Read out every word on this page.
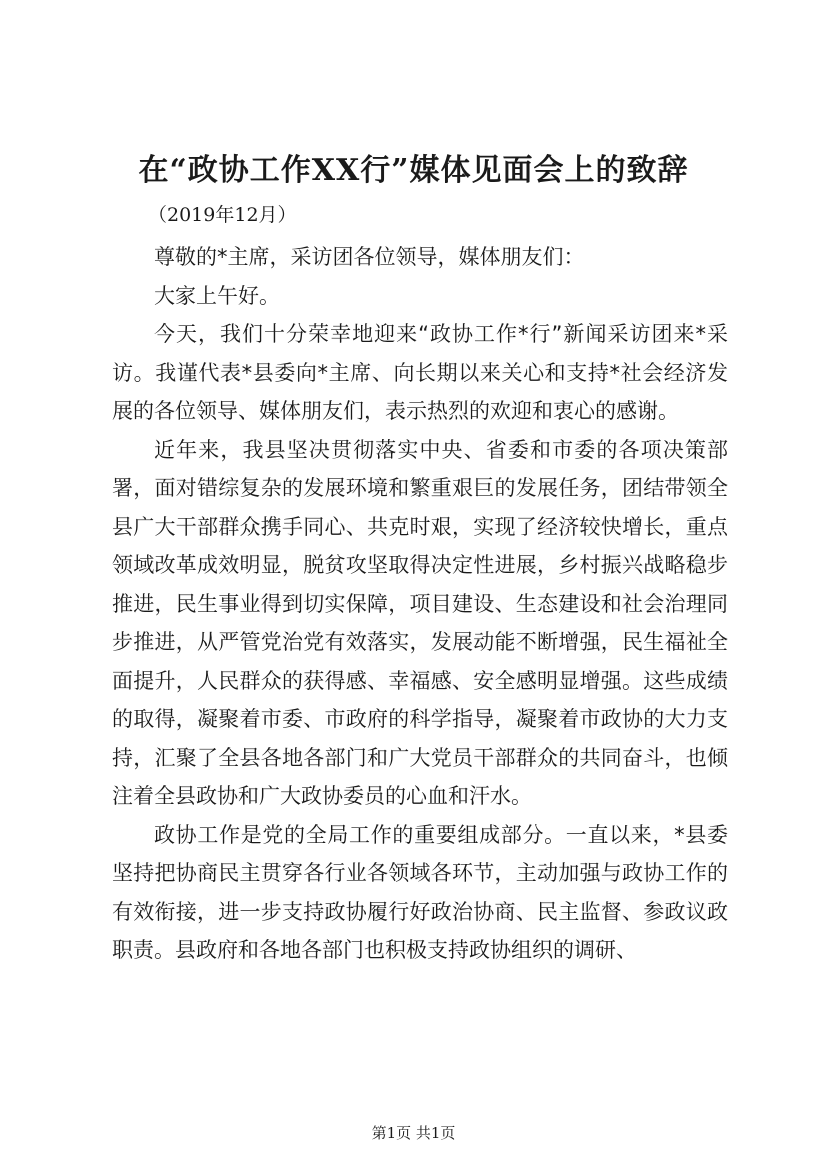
在“政协工作XX行”媒体见面会上的致辞
（2019年12月）

尊敬的*主席，采访团各位领导，媒体朋友们：

大家上午好。

今天，我们十分荣幸地迎来“政协工作*行”新闻采访团来*采访。我谨代表*县委向*主席、向长期以来关心和支持*社会经济发展的各位领导、媒体朋友们，表示热烈的欢迎和衷心的感谢。

近年来，我县坚决贯彻落实中央、省委和市委的各项决策部署，面对错综复杂的发展环境和繁重艰巨的发展任务，团结带领全县广大干部群众携手同心、共克时艰，实现了经济较快增长，重点领域改革成效明显，脱贫攻坚取得决定性进展，乡村振兴战略稳步推进，民生事业得到切实保障，项目建设、生态建设和社会治理同步推进，从严管党治党有效落实，发展动能不断增强，民生福祉全面提升，人民群众的获得感、幸福感、安全感明显增强。这些成绩的取得，凝聚着市委、市政府的科学指导，凝聚着市政协的大力支持，汇聚了全县各地各部门和广大党员干部群众的共同奋斗，也倾注着全县政协和广大政协委员的心血和汗水。

政协工作是党的全局工作的重要组成部分。一直以来，*县委坚持把协商民主贯穿各行业各领域各环节，主动加强与政协工作的有效衔接，进一步支持政协履行好政治协商、民主监督、参政议政职责。县政府和各地各部门也积极支持政协组织的调研、

第1页 共1页
